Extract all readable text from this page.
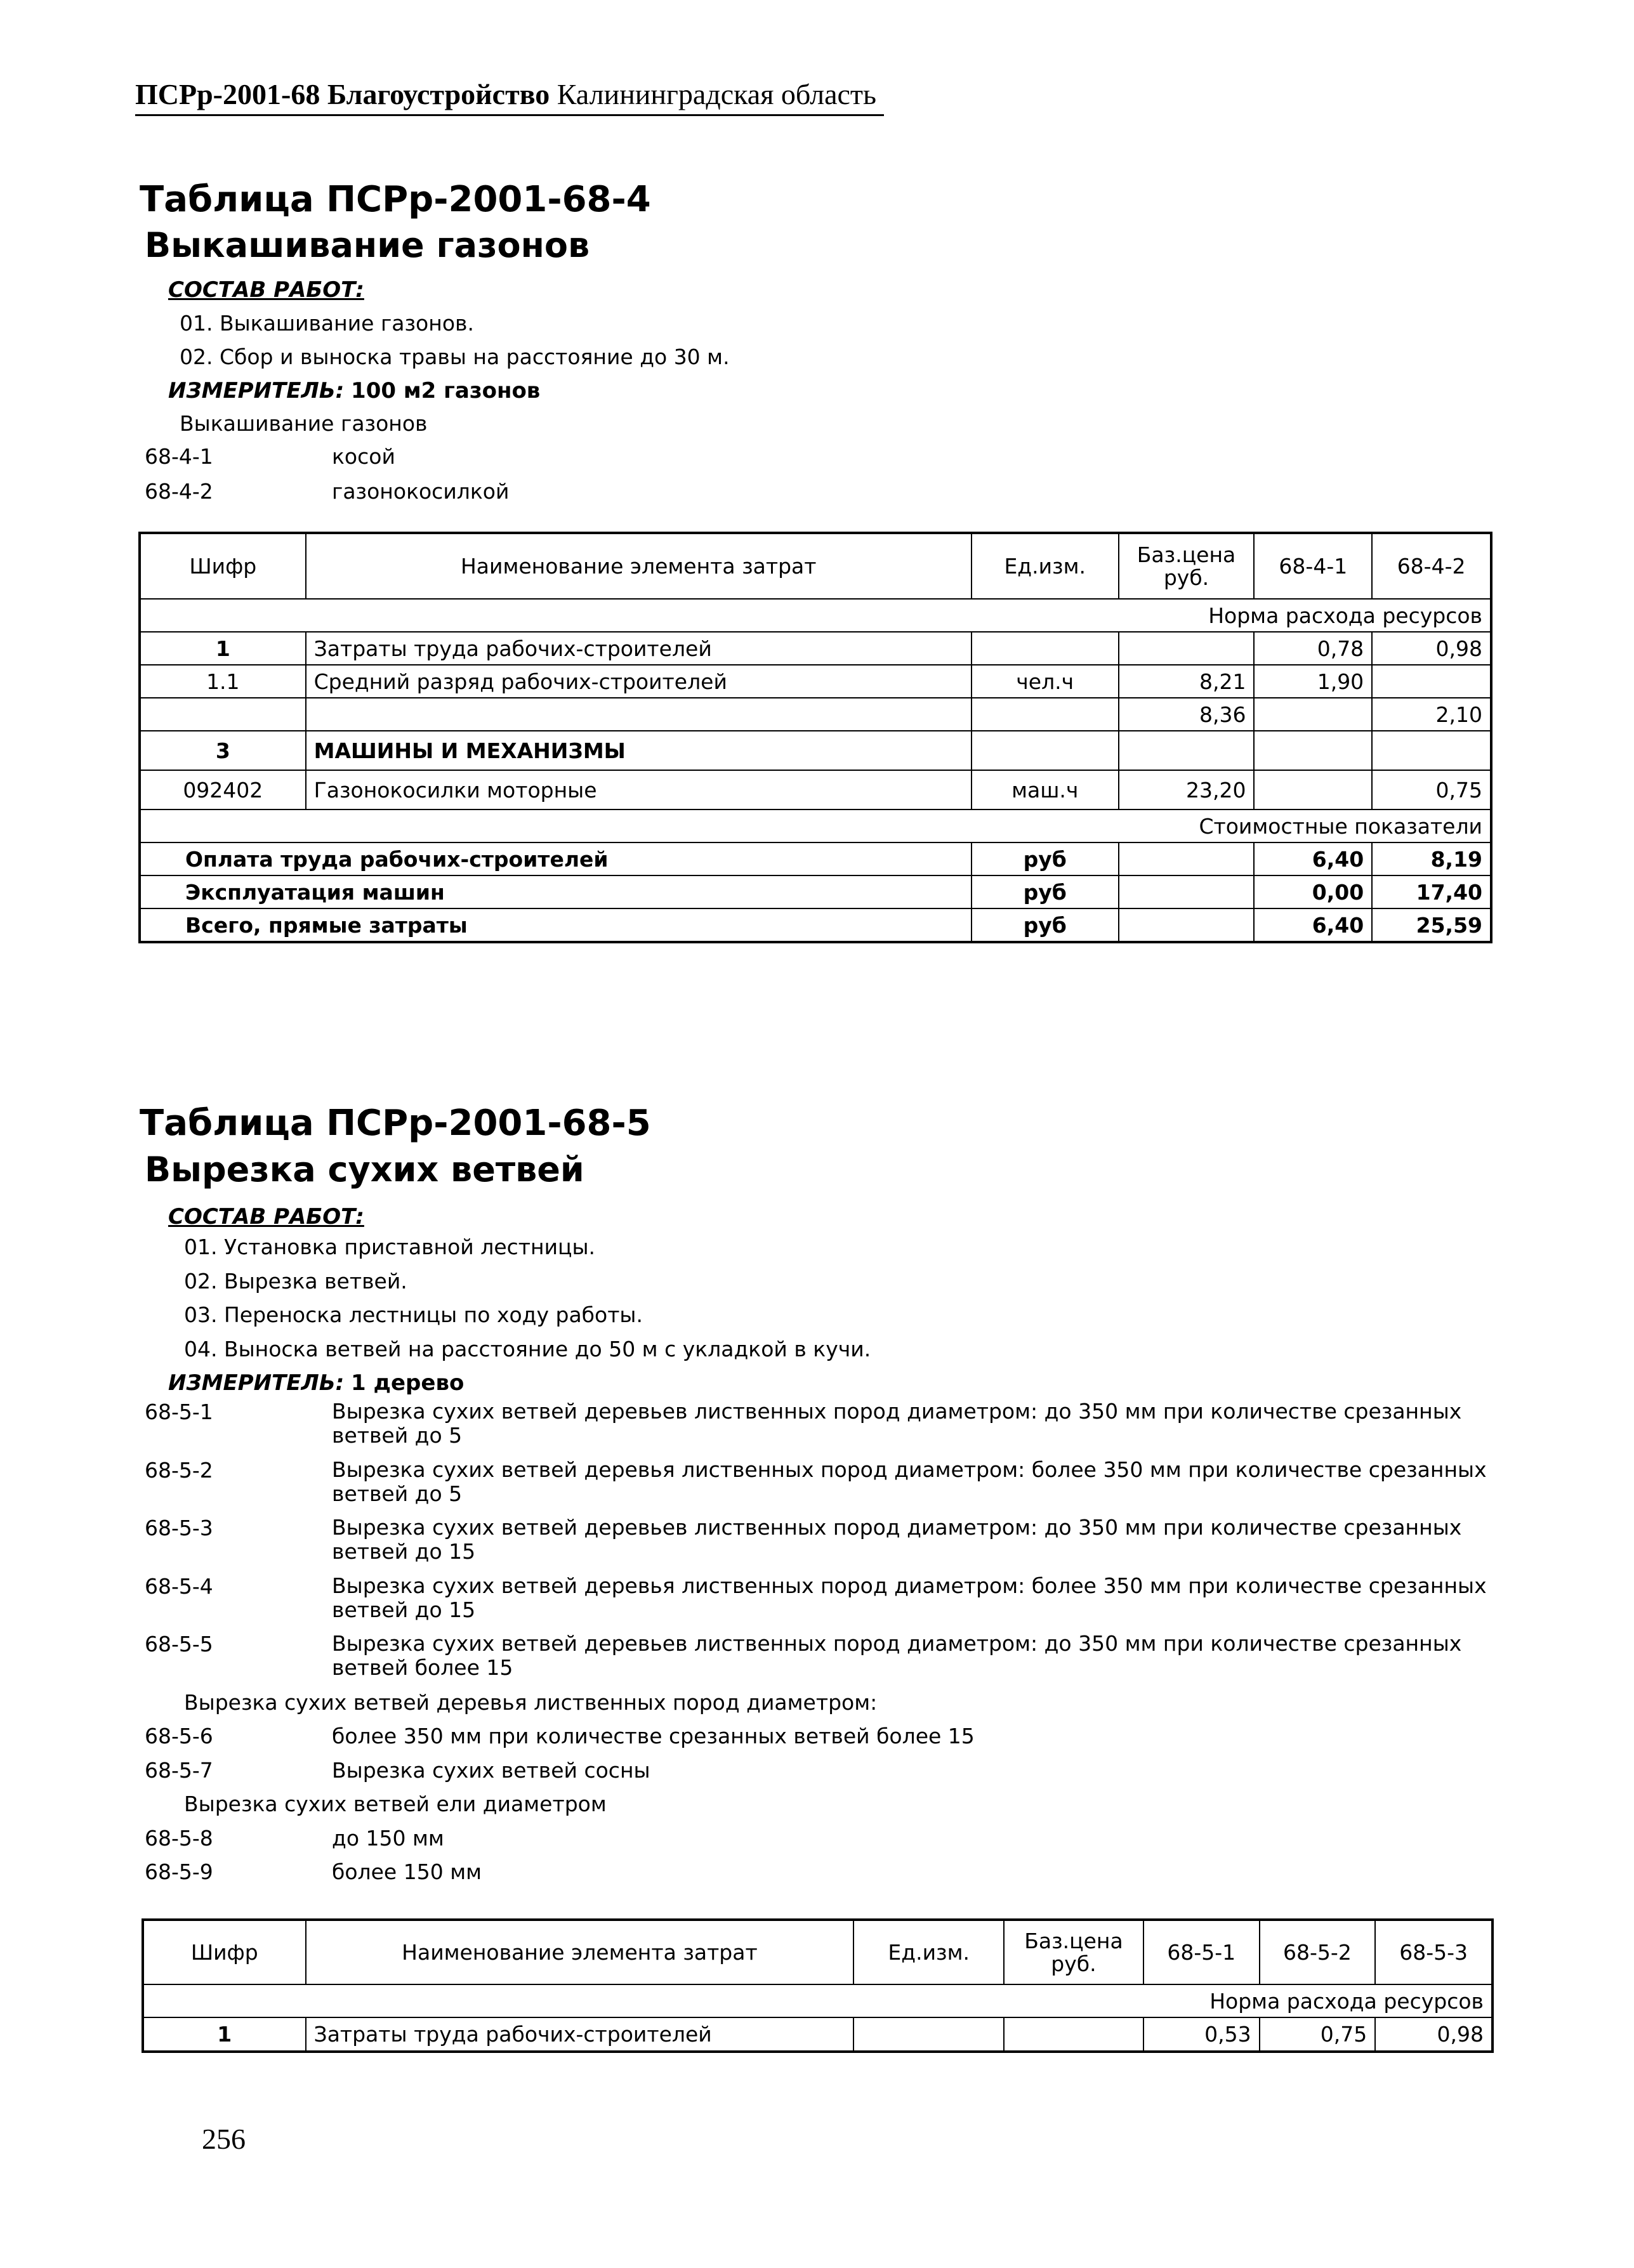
ПСРр-2001-68 Благоустройство Калининградская область
Таблица ПСРр-2001-68-4
Выкашивание газонов
СОСТАВ РАБОТ:
01. Выкашивание газонов.
02. Сбор и выноска травы на расстояние до 30 м.
ИЗМЕРИТЕЛЬ: 100 м2 газонов
Выкашивание газонов
68-4-1	косой
68-4-2	газонокосилкой
Шифр	Наименование элемента затрат	Ед.изм.	Баз.цена руб.	68-4-1	68-4-2
Норма расхода ресурсов					
1	Затраты труда рабочих-строителей			0,78	0,98
1.1	Средний разряд рабочих-строителей	чел.ч	8,21	1,90	
			8,36		2,10
3	МАШИНЫ И МЕХАНИЗМЫ				
092402	Газонокосилки моторные	маш.ч	23,20		0,75
Стоимостные показатели					
Оплата труда рабочих-строителей		руб		6,40	8,19
Эксплуатация машин		руб		0,00	17,40
Всего, прямые затраты		руб		6,40	25,59
Таблица ПСРр-2001-68-5
Вырезка сухих ветвей
СОСТАВ РАБОТ:
01. Установка приставной лестницы.
02. Вырезка ветвей.
03. Переноска лестницы по ходу работы.
04. Выноска ветвей на расстояние до 50 м с укладкой в кучи.
ИЗМЕРИТЕЛЬ: 1 дерево
68-5-1	Вырезка сухих ветвей деревьев лиственных пород диаметром: до 350 мм при количестве срезанных ветвей до 5
68-5-2	Вырезка сухих ветвей деревья лиственных пород диаметром: более 350 мм при количестве срезанных ветвей до 5
68-5-3	Вырезка сухих ветвей деревьев лиственных пород диаметром: до 350 мм при количестве срезанных ветвей до 15
68-5-4	Вырезка сухих ветвей деревья лиственных пород диаметром: более 350 мм при количестве срезанных ветвей до 15
68-5-5	Вырезка сухих ветвей деревьев лиственных пород диаметром: до 350 мм при количестве срезанных ветвей более 15
Вырезка сухих ветвей деревья лиственных пород диаметром:
68-5-6	более 350 мм при количестве срезанных ветвей более 15
68-5-7	Вырезка сухих ветвей сосны
Вырезка сухих ветвей ели диаметром
68-5-8	до 150 мм
68-5-9	более 150 мм
Шифр	Наименование элемента затрат	Ед.изм.	Баз.цена руб.	68-5-1	68-5-2	68-5-3
Норма расхода ресурсов						
1	Затраты труда рабочих-строителей			0,53	0,75	0,98
256
